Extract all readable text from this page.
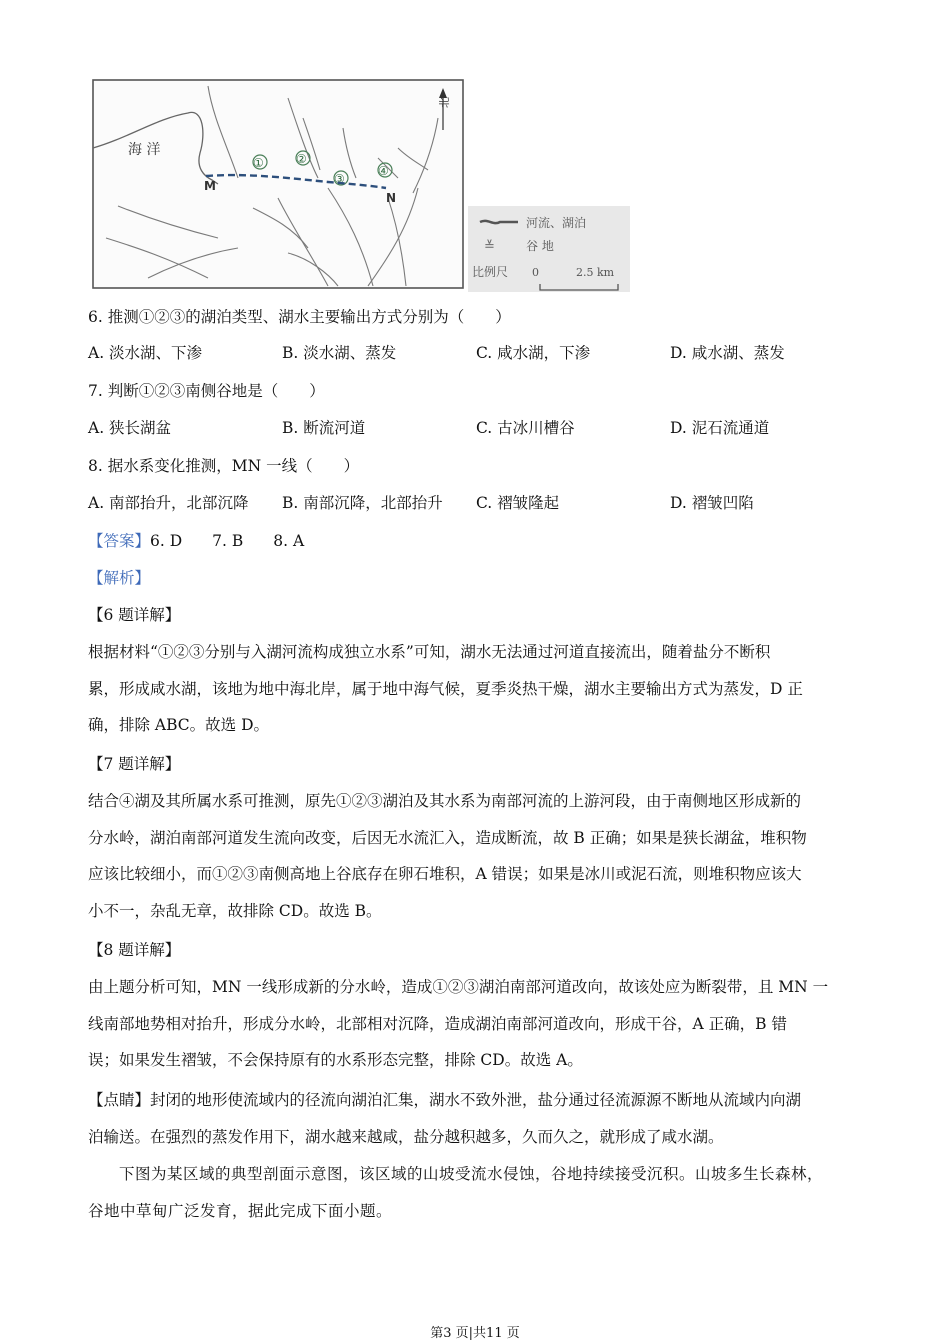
①	②
③
④
M
N
海 洋
北
河流、湖泊
≚	谷 地
比例尺 0	2.5 km
6. 推测①②③的湖泊类型、湖水主要输出方式分别为（　　）
A. 淡水湖、下渗	B. 淡水湖、蒸发	C. 咸水湖，下渗	D. 咸水湖、蒸发
7. 判断①②③南侧谷地是（　　）
A. 狭长湖盆	B. 断流河道	C. 古冰川槽谷	D. 泥石流通道
8. 据水系变化推测，MN 一线（　　）
A. 南部抬升，北部沉降 B. 南部沉降，北部抬升 C. 褶皱隆起	D. 褶皱凹陷
【答案】6. D 7. B 8. A
【解析】
【6 题详解】
根据材料“①②③分别与入湖河流构成独立水系”可知，湖水无法通过河道直接流出，随着盐分不断积
累，形成咸水湖，该地为地中海北岸，属于地中海气候，夏季炎热干燥，湖水主要输出方式为蒸发，D 正
确，排除 ABC。故选 D。
【7 题详解】
结合④湖及其所属水系可推测，原先①②③湖泊及其水系为南部河流的上游河段，由于南侧地区形成新的
分水岭，湖泊南部河道发生流向改变，后因无水流汇入，造成断流，故 B 正确；如果是狭长湖盆，堆积物
应该比较细小，而①②③南侧高地上谷底存在卵石堆积，A 错误；如果是冰川或泥石流，则堆积物应该大
小不一，杂乱无章，故排除 CD。故选 B。
【8 题详解】
由上题分析可知，MN 一线形成新的分水岭，造成①②③湖泊南部河道改向，故该处应为断裂带，且 MN 一
线南部地势相对抬升，形成分水岭，北部相对沉降，造成湖泊南部河道改向，形成干谷，A 正确，B 错
误；如果发生褶皱，不会保持原有的水系形态完整，排除 CD。故选 A。
【点睛】封闭的地形使流域内的径流向湖泊汇集，湖水不致外泄，盐分通过径流源源不断地从流域内向湖
泊输送。在强烈的蒸发作用下，湖水越来越咸，盐分越积越多，久而久之，就形成了咸水湖。
下图为某区域的典型剖面示意图，该区域的山坡受流水侵蚀，谷地持续接受沉积。山坡多生长森林，
谷地中草甸广泛发育，据此完成下面小题。
第3 页|共11 页
